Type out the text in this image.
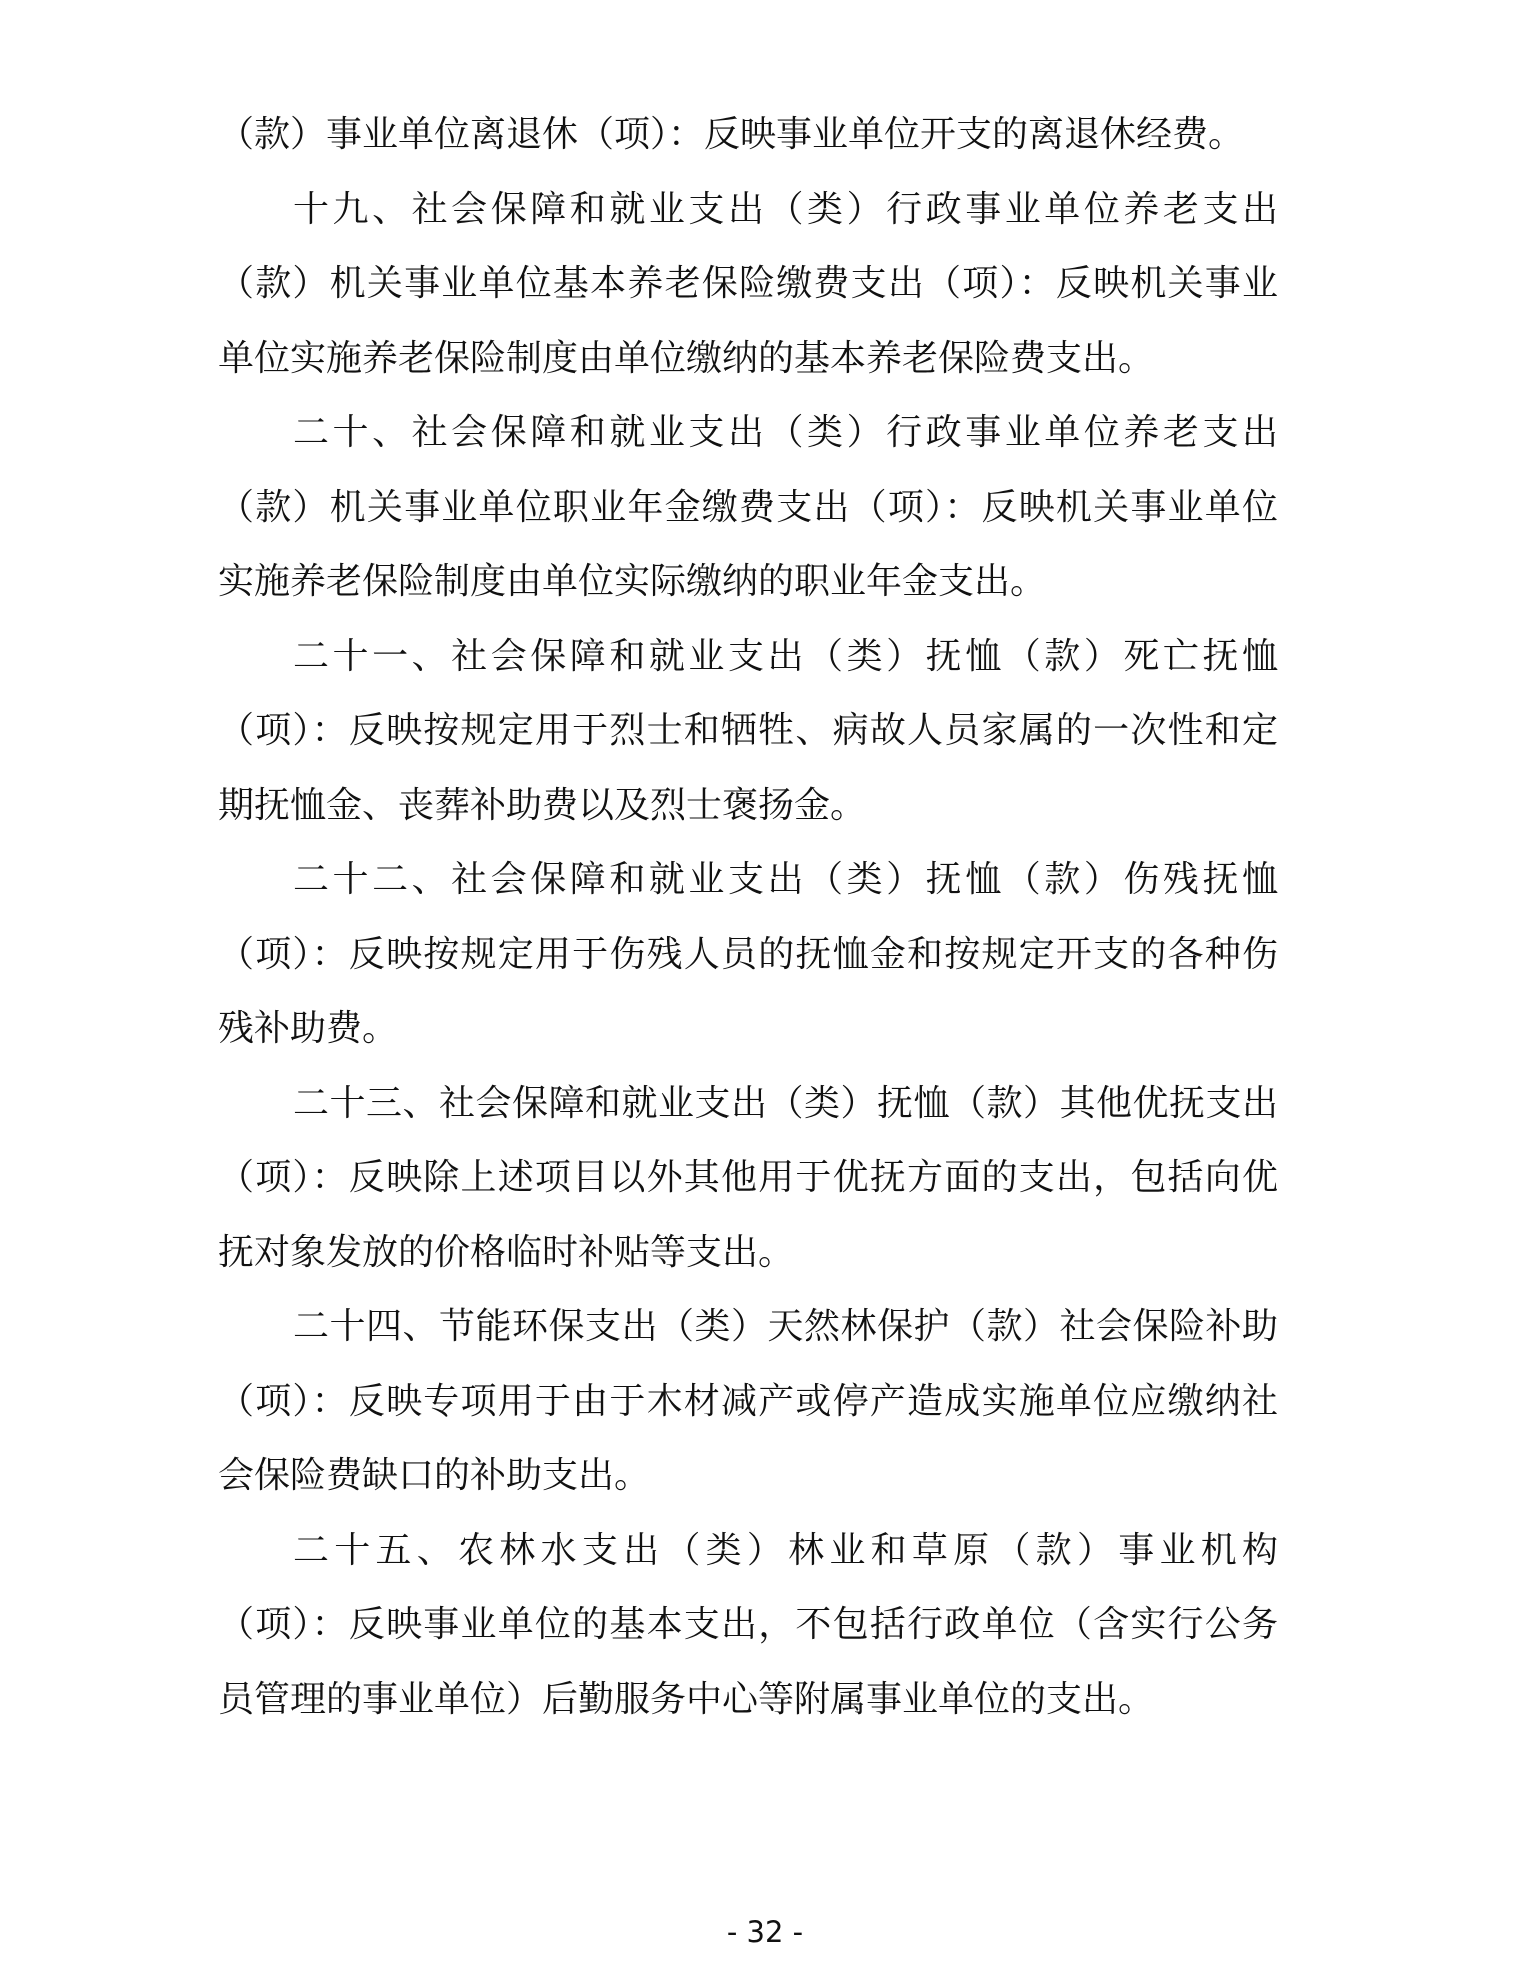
（款）事业单位离退休（项）：反映事业单位开支的离退休经费。

十九、社会保障和就业支出（类）行政事业单位养老支出（款）机关事业单位基本养老保险缴费支出（项）：反映机关事业单位实施养老保险制度由单位缴纳的基本养老保险费支出。

二十、社会保障和就业支出（类）行政事业单位养老支出（款）机关事业单位职业年金缴费支出（项）：反映机关事业单位实施养老保险制度由单位实际缴纳的职业年金支出。

二十一、社会保障和就业支出（类）抚恤（款）死亡抚恤（项）：反映按规定用于烈士和牺牲、病故人员家属的一次性和定期抚恤金、丧葬补助费以及烈士褒扬金。

二十二、社会保障和就业支出（类）抚恤（款）伤残抚恤（项）：反映按规定用于伤残人员的抚恤金和按规定开支的各种伤残补助费。

二十三、社会保障和就业支出（类）抚恤（款）其他优抚支出（项）：反映除上述项目以外其他用于优抚方面的支出，包括向优抚对象发放的价格临时补贴等支出。

二十四、节能环保支出（类）天然林保护（款）社会保险补助（项）：反映专项用于由于木材减产或停产造成实施单位应缴纳社会保险费缺口的补助支出。

二十五、农林水支出（类）林业和草原（款）事业机构（项）：反映事业单位的基本支出，不包括行政单位（含实行公务员管理的事业单位）后勤服务中心等附属事业单位的支出。

- 32 -
